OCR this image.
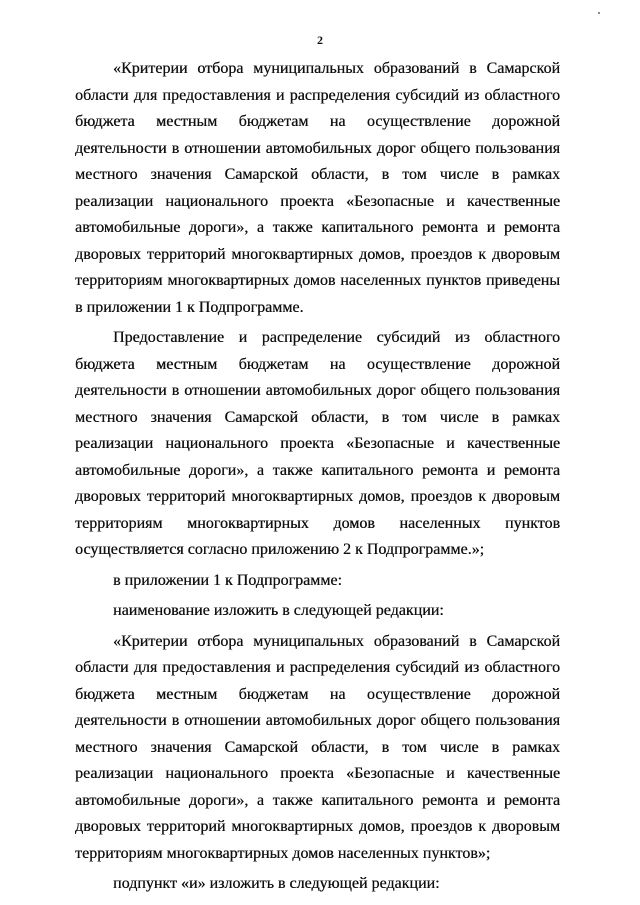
2

«Критерии отбора муниципальных образований в Самарской области для предоставления и распределения субсидий из областного бюджета местным бюджетам на осуществление дорожной деятельности в отношении автомобильных дорог общего пользования местного значения Самарской области, в том числе в рамках реализации национального проекта «Безопасные и качественные автомобильные дороги», а также капитального ремонта и ремонта дворовых территорий многоквартирных домов, проездов к дворовым территориям многоквартирных домов населенных пунктов приведены в приложении 1 к Подпрограмме.

Предоставление и распределение субсидий из областного бюджета местным бюджетам на осуществление дорожной деятельности в отношении автомобильных дорог общего пользования местного значения Самарской области, в том числе в рамках реализации национального проекта «Безопасные и качественные автомобильные дороги», а также капитального ремонта и ремонта дворовых территорий многоквартирных домов, проездов к дворовым территориям многоквартирных домов населенных пунктов осуществляется согласно приложению 2 к Подпрограмме.»;

в приложении 1 к Подпрограмме:

наименование изложить в следующей редакции:

«Критерии отбора муниципальных образований в Самарской области для предоставления и распределения субсидий из областного бюджета местным бюджетам на осуществление дорожной деятельности в отношении автомобильных дорог общего пользования местного значения Самарской области, в том числе в рамках реализации национального проекта «Безопасные и качественные автомобильные дороги», а также капитального ремонта и ремонта дворовых территорий многоквартирных домов, проездов к дворовым территориям многоквартирных домов населенных пунктов»;

подпункт «и» изложить в следующей редакции:
